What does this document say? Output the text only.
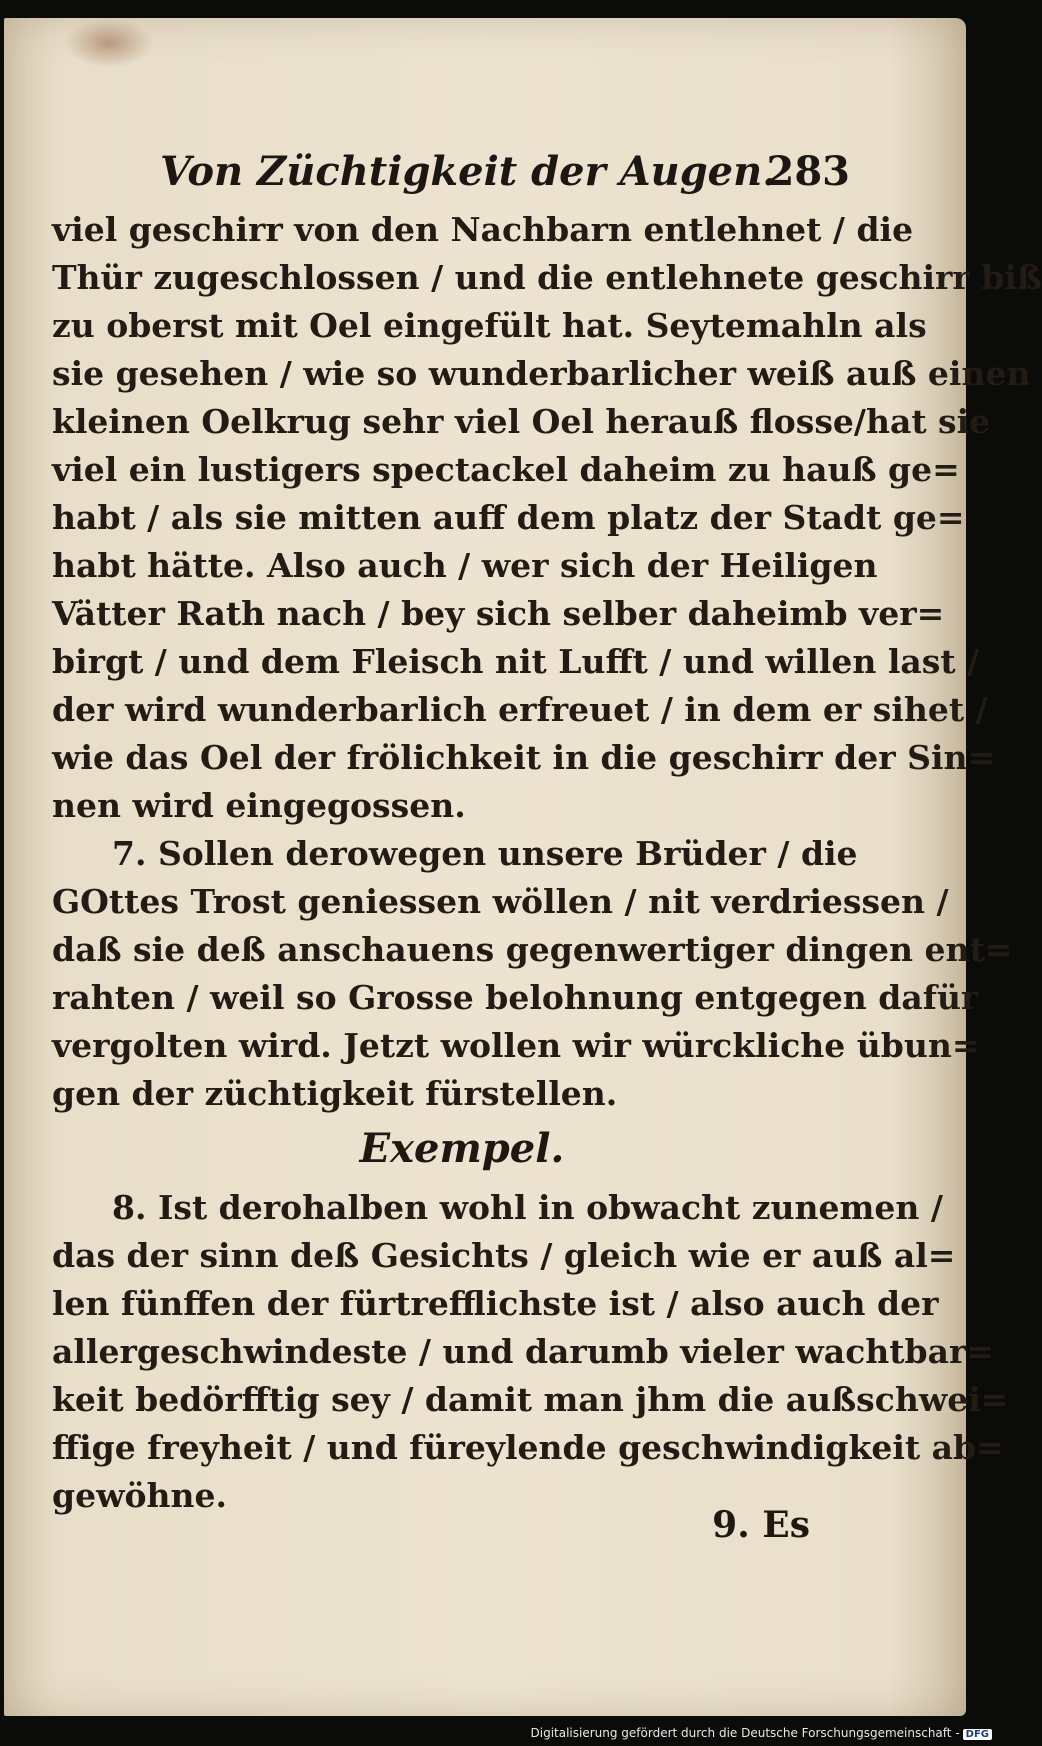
Von Züchtigkeit der Augen.
283
viel geschirr von den Nachbarn entlehnet / die
Thür zugeschlossen / und die entlehnete geschirr biß
zu oberst mit Oel eingefült hat. Seytemahln als
sie gesehen / wie so wunderbarlicher weiß auß einen
kleinen Oelkrug sehr viel Oel herauß flosse/hat sie
viel ein lustigers spectackel daheim zu hauß ge=
habt / als sie mitten auff dem platz der Stadt ge=
habt hätte. Also auch / wer sich der Heiligen
Vätter Rath nach / bey sich selber daheimb ver=
birgt / und dem Fleisch nit Lufft / und willen last /
der wird wunderbarlich erfreuet / in dem er sihet /
wie das Oel der frölichkeit in die geschirr der Sin=
nen wird eingegossen.
7. Sollen derowegen unsere Brüder / die
GOttes Trost geniessen wöllen / nit verdriessen /
daß sie deß anschauens gegenwertiger dingen ent=
rahten / weil so Grosse belohnung entgegen dafür
vergolten wird. Jetzt wollen wir würckliche übun=
gen der züchtigkeit fürstellen.
Exempel.
8. Ist derohalben wohl in obwacht zunemen /
das der sinn deß Gesichts / gleich wie er auß al=
len fünffen der fürtrefflichste ist / also auch der
allergeschwindeste / und darumb vieler wachtbar=
keit bedörfftig sey / damit man jhm die außschwei=
ffige freyheit / und füreylende geschwindigkeit ab=
gewöhne.
9. Es
Digitalisierung gefördert durch die Deutsche Forschungsgemeinschaft - DFG
